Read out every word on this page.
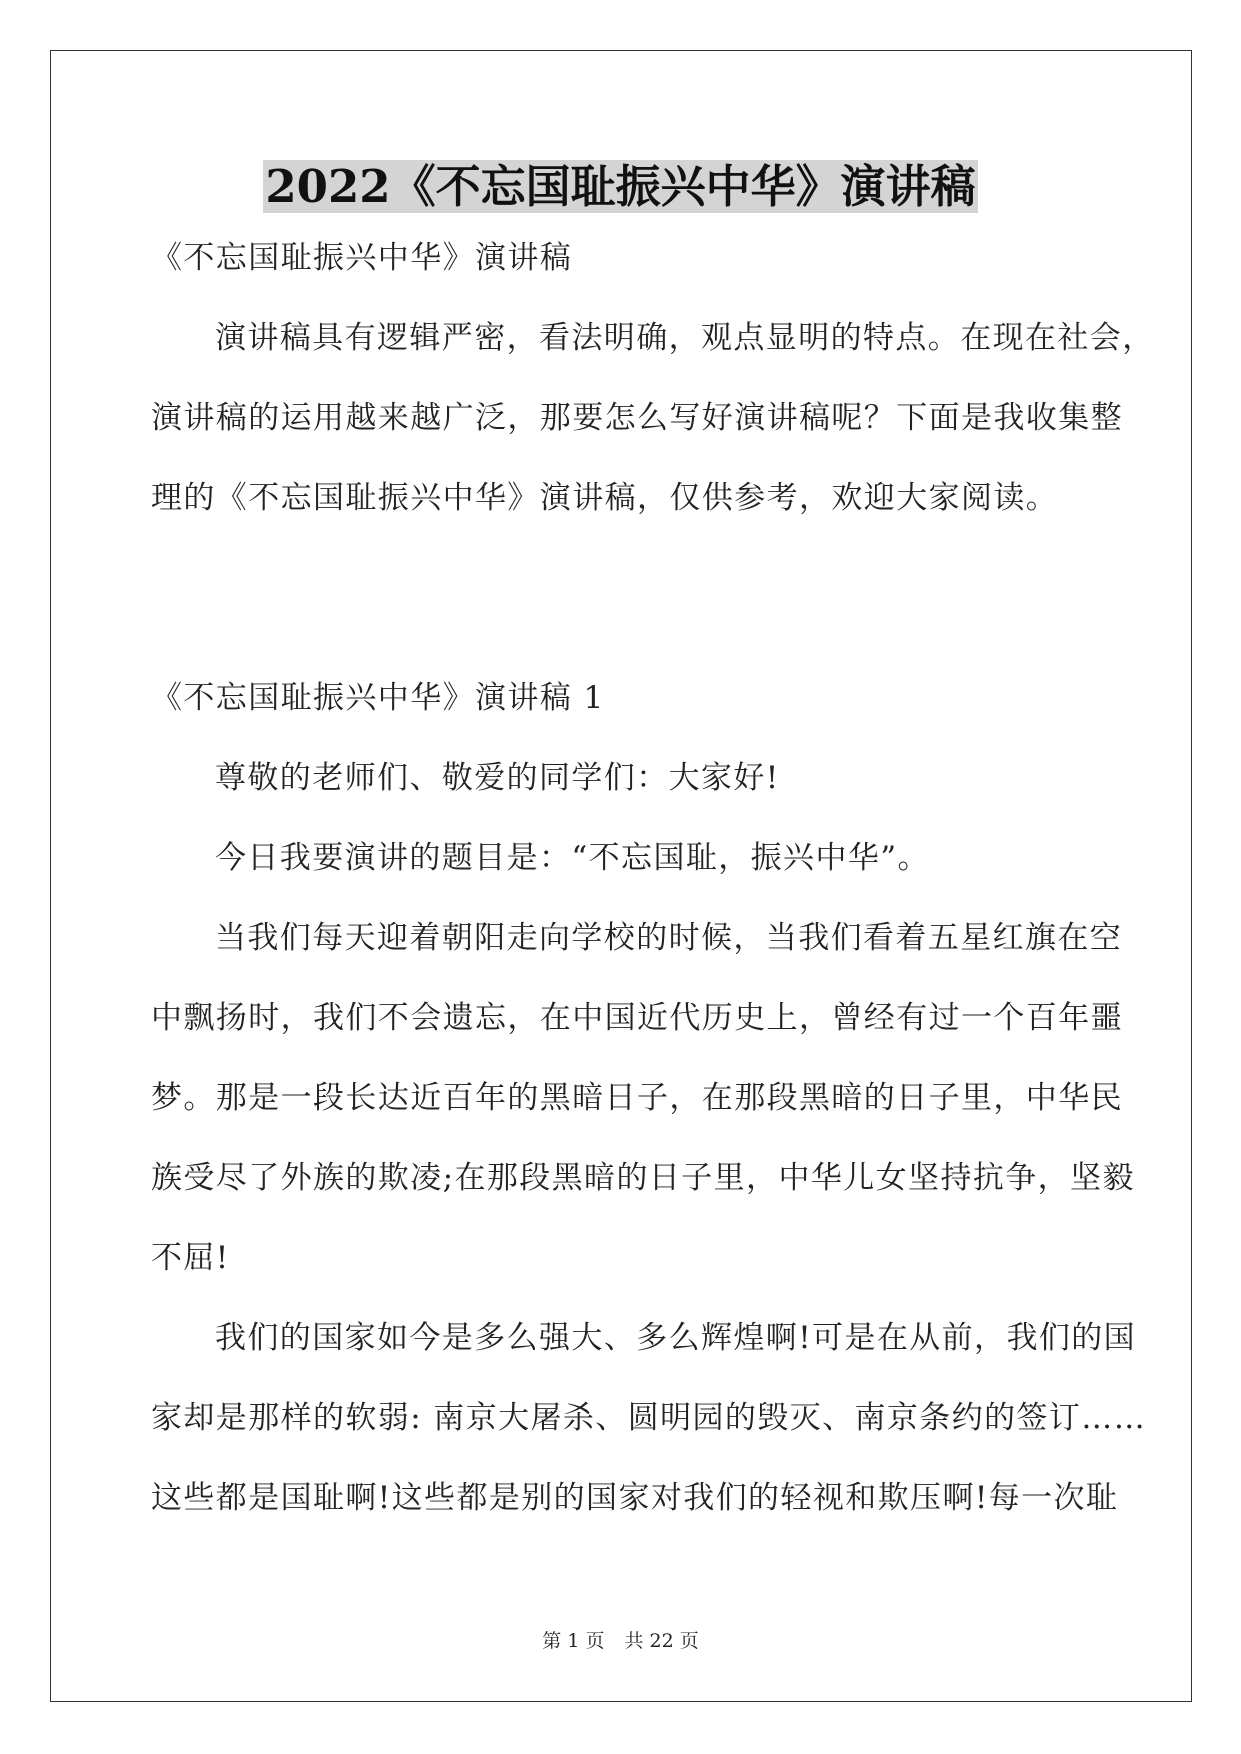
2022《不忘国耻振兴中华》演讲稿

《不忘国耻振兴中华》演讲稿

演讲稿具有逻辑严密，看法明确，观点显明的特点。在现在社会，
演讲稿的运用越来越广泛，那要怎么写好演讲稿呢？下面是我收集整
理的《不忘国耻振兴中华》演讲稿，仅供参考，欢迎大家阅读。

《不忘国耻振兴中华》演讲稿 1

尊敬的老师们、敬爱的同学们：大家好!

今日我要演讲的题目是：“不忘国耻，振兴中华”。

当我们每天迎着朝阳走向学校的时候，当我们看着五星红旗在空
中飘扬时，我们不会遗忘，在中国近代历史上，曾经有过一个百年噩
梦。那是一段长达近百年的黑暗日子，在那段黑暗的日子里，中华民
族受尽了外族的欺凌;在那段黑暗的日子里，中华儿女坚持抗争，坚毅
不屈!

我们的国家如今是多么强大、多么辉煌啊!可是在从前，我们的国
家却是那样的软弱: 南京大屠杀、圆明园的毁灭、南京条约的签订……
这些都是国耻啊!这些都是别的国家对我们的轻视和欺压啊!每一次耻

第 1 页 共 22 页
